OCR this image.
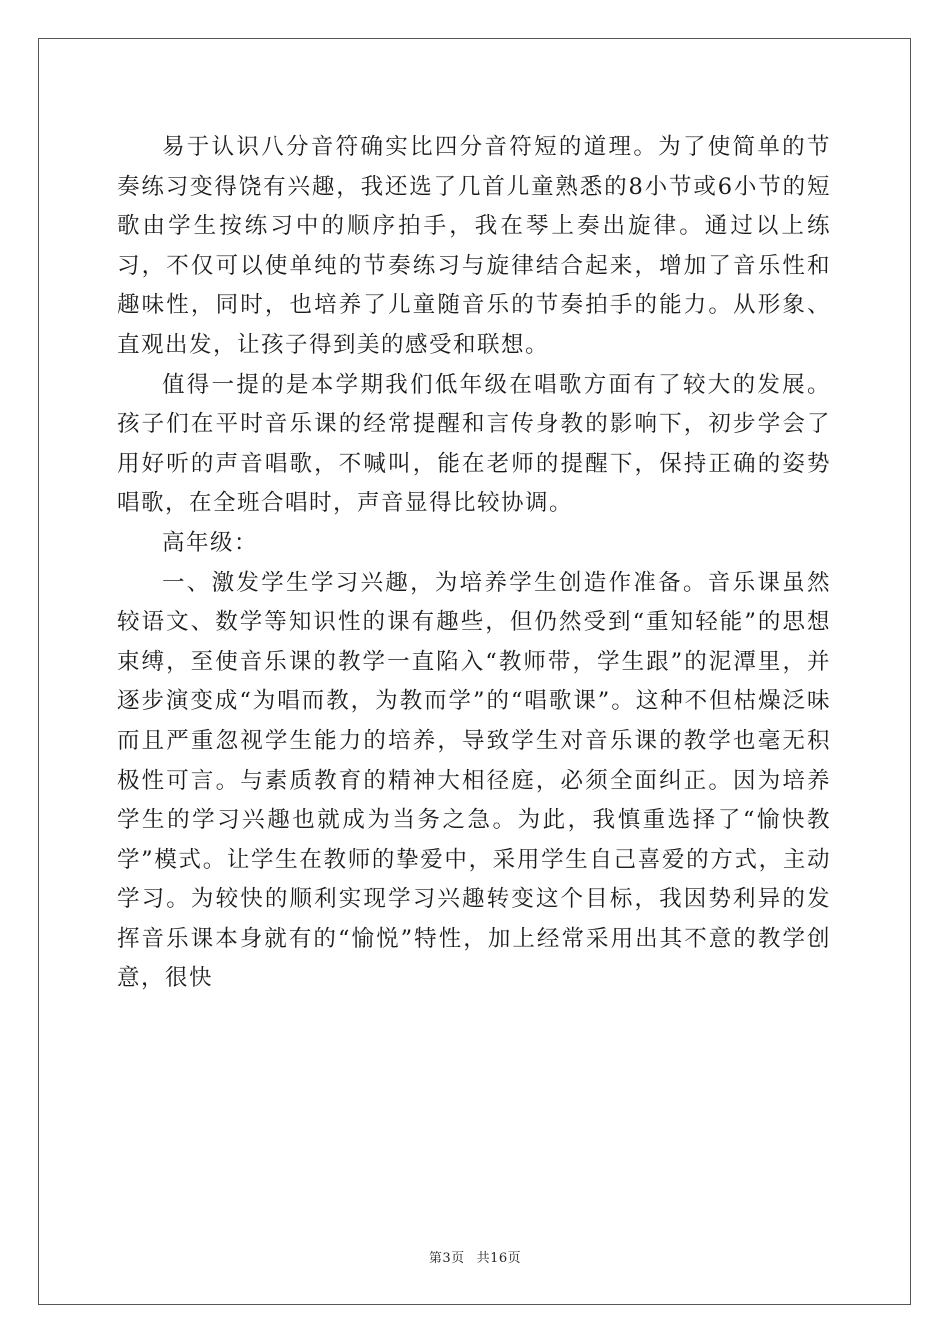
易于认识八分音符确实比四分音符短的道理。为了使简单的节奏练习变得饶有兴趣，我还选了几首儿童熟悉的8小节或6小节的短歌由学生按练习中的顺序拍手，我在琴上奏出旋律。通过以上练习，不仅可以使单纯的节奏练习与旋律结合起来，增加了音乐性和趣味性，同时，也培养了儿童随音乐的节奏拍手的能力。从形象、直观出发，让孩子得到美的感受和联想。

值得一提的是本学期我们低年级在唱歌方面有了较大的发展。孩子们在平时音乐课的经常提醒和言传身教的影响下，初步学会了用好听的声音唱歌，不喊叫，能在老师的提醒下，保持正确的姿势唱歌，在全班合唱时，声音显得比较协调。

高年级：

一、激发学生学习兴趣，为培养学生创造作准备。音乐课虽然较语文、数学等知识性的课有趣些，但仍然受到“重知轻能”的思想束缚，至使音乐课的教学一直陷入“教师带，学生跟”的泥潭里，并逐步演变成“为唱而教，为教而学”的“唱歌课”。这种不但枯燥泛味而且严重忽视学生能力的培养，导致学生对音乐课的教学也毫无积极性可言。与素质教育的精神大相径庭，必须全面纠正。因为培养学生的学习兴趣也就成为当务之急。为此，我慎重选择了“愉快教学”模式。让学生在教师的挚爱中，采用学生自己喜爱的方式，主动学习。为较快的顺利实现学习兴趣转变这个目标，我因势利异的发挥音乐课本身就有的“愉悦”特性，加上经常采用出其不意的教学创意，很快

第3页 共16页
